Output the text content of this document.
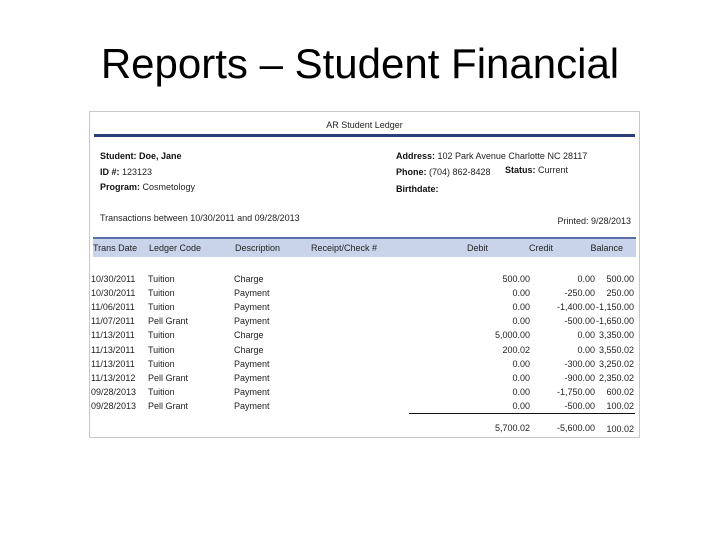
Reports – Student Financial
AR Student Ledger
Student: Doe, Jane
ID #: 123123
Program: Cosmetology
Address: 102 Park Avenue Charlotte NC 28117
Phone: (704) 862-8428 Status: Current
Birthdate:
Transactions between 10/30/2011 and 09/28/2013	Printed: 9/28/2013
Trans Date Ledger Code	Description	Receipt/Check #	Debit	Credit	Balance
10/30/2011	Tuition	Charge	500.00	0.00	500.00
10/30/2011	Tuition	Payment	0.00	-250.00	250.00
11/06/2011	Tuition	Payment	0.00	-1,400.00 -1,150.00
11/07/2011	Pell Grant	Payment	0.00	-500.00 -1,650.00
11/13/2011	Tuition	Charge	5,000.00	0.00 3,350.00
11/13/2011	Tuition	Charge	200.02	0.00 3,550.02
11/13/2011	Tuition	Payment	0.00	-300.00 3,250.02
11/13/2012	Pell Grant	Payment	0.00	-900.00 2,350.02
09/28/2013	Tuition	Payment	0.00	-1,750.00	600.02
09/28/2013	Pell Grant	Payment	0.00	-500.00	100.02
5,700.02	-5,600.00	100.02
